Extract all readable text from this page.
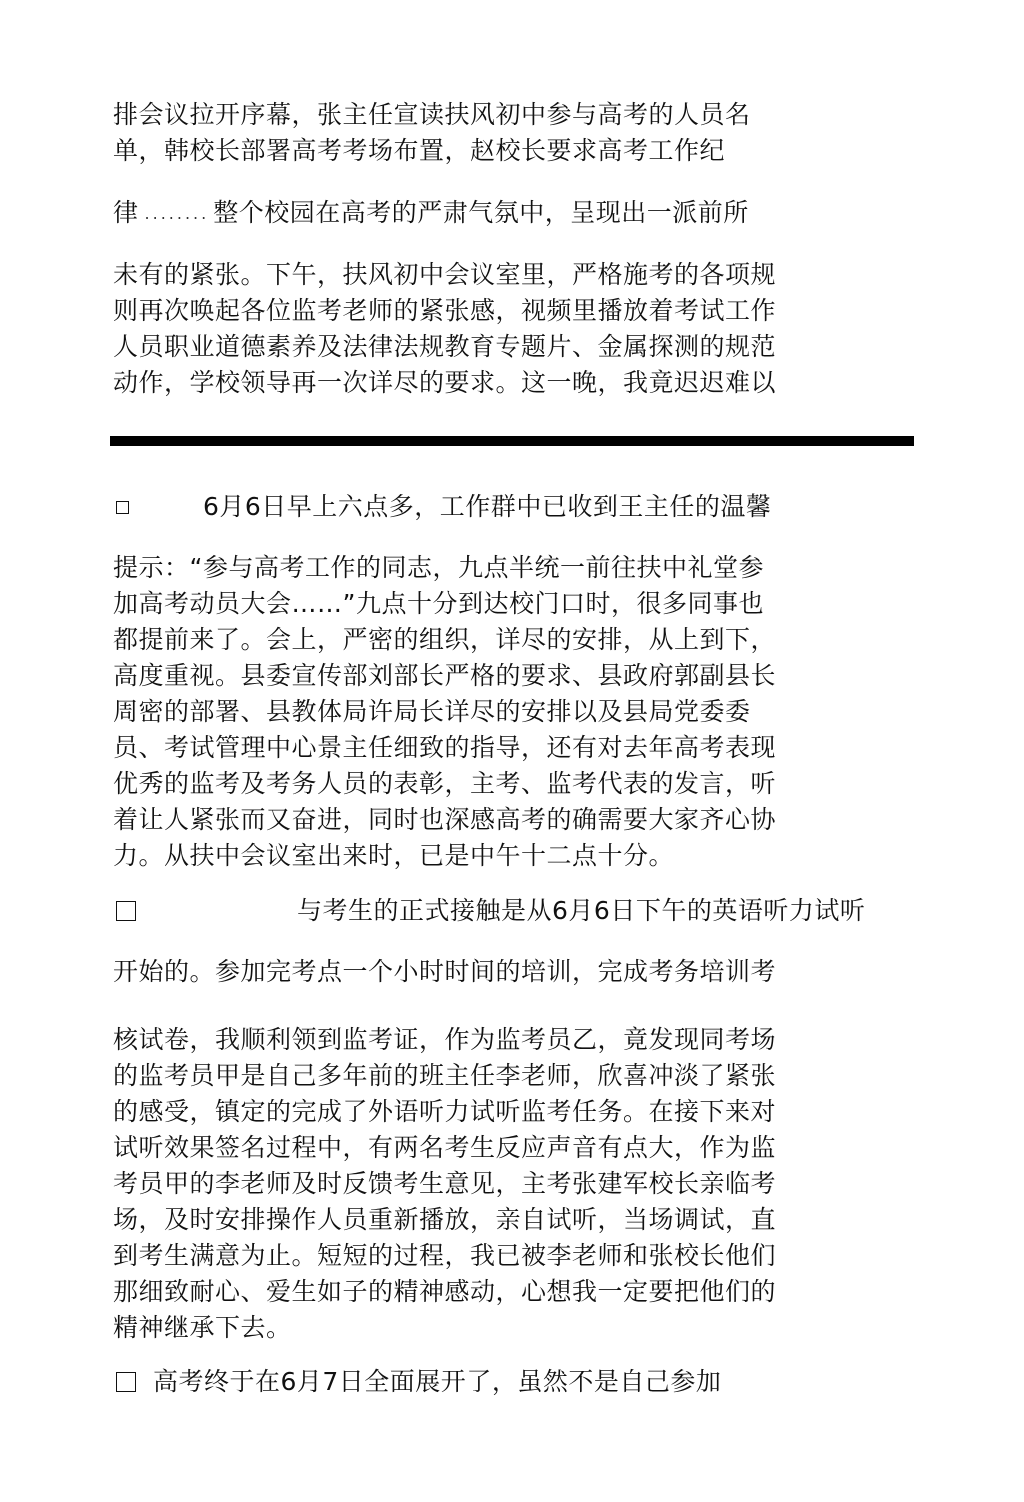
排会议拉开序幕，张主任宣读扶风初中参与高考的人员名
单，韩校长部署高考考场布置，赵校长要求高考工作纪
律 ........ 整个校园在高考的严肃气氛中，呈现出一派前所
未有的紧张。下午，扶风初中会议室里，严格施考的各项规
则再次唤起各位监考老师的紧张感，视频里播放着考试工作
人员职业道德素养及法律法规教育专题片、金属探测的规范
动作，学校领导再一次详尽的要求。这一晚，我竟迟迟难以
6月6日早上六点多，工作群中已收到王主任的温馨
提示：“参与高考工作的同志，九点半统一前往扶中礼堂参
加高考动员大会……”九点十分到达校门口时，很多同事也
都提前来了。会上，严密的组织，详尽的安排，从上到下，
高度重视。县委宣传部刘部长严格的要求、县政府郭副县长
周密的部署、县教体局许局长详尽的安排以及县局党委委
员、考试管理中心景主任细致的指导，还有对去年高考表现
优秀的监考及考务人员的表彰，主考、监考代表的发言，听
着让人紧张而又奋进，同时也深感高考的确需要大家齐心协
力。从扶中会议室出来时，已是中午十二点十分。
与考生的正式接触是从6月6日下午的英语听力试听
开始的。参加完考点一个小时时间的培训，完成考务培训考
核试卷，我顺利领到监考证，作为监考员乙，竟发现同考场
的监考员甲是自己多年前的班主任李老师，欣喜冲淡了紧张
的感受，镇定的完成了外语听力试听监考任务。在接下来对
试听效果签名过程中，有两名考生反应声音有点大，作为监
考员甲的李老师及时反馈考生意见，主考张建军校长亲临考
场，及时安排操作人员重新播放，亲自试听，当场调试，直
到考生满意为止。短短的过程，我已被李老师和张校长他们
那细致耐心、爱生如子的精神感动，心想我一定要把他们的
精神继承下去。
高考终于在6月7日全面展开了，虽然不是自己参加
